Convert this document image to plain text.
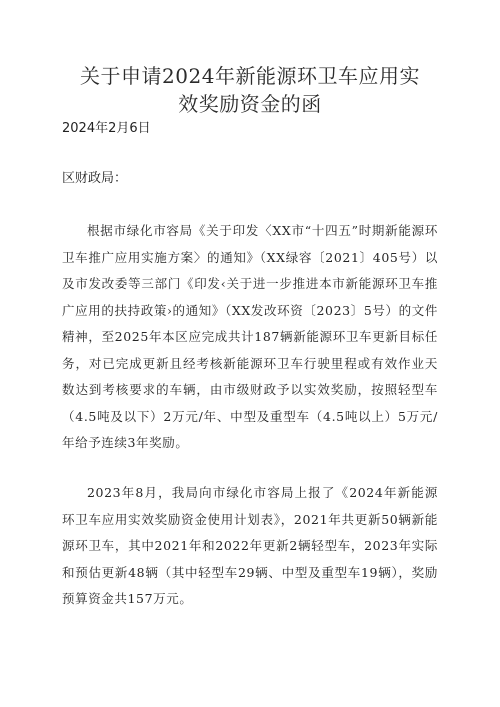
关于申请2024年新能源环卫车应用实效奖励资金的函
2024年2月6日
区财政局：

根据市绿化市容局《关于印发〈XX市“十四五”时期新能源环卫车推广应用实施方案〉的通知》（XX绿容〔2021〕405号）以及市发改委等三部门《印发‹关于进一步推进本市新能源环卫车推广应用的扶持政策›的通知》（XX发改环资〔2023〕5号）的文件精神，至2025年本区应完成共计187辆新能源环卫车更新目标任务，对已完成更新且经考核新能源环卫车行驶里程或有效作业天数达到考核要求的车辆，由市级财政予以实效奖励，按照轻型车（4.5吨及以下）2万元/年、中型及重型车（4.5吨以上）5万元/年给予连续3年奖励。

2023年8月，我局向市绿化市容局上报了《2024年新能源环卫车应用实效奖励资金使用计划表》，2021年共更新50辆新能源环卫车，其中2021年和2022年更新2辆轻型车，2023年实际和预估更新48辆（其中轻型车29辆、中型及重型车19辆），奖励预算资金共157万元。
